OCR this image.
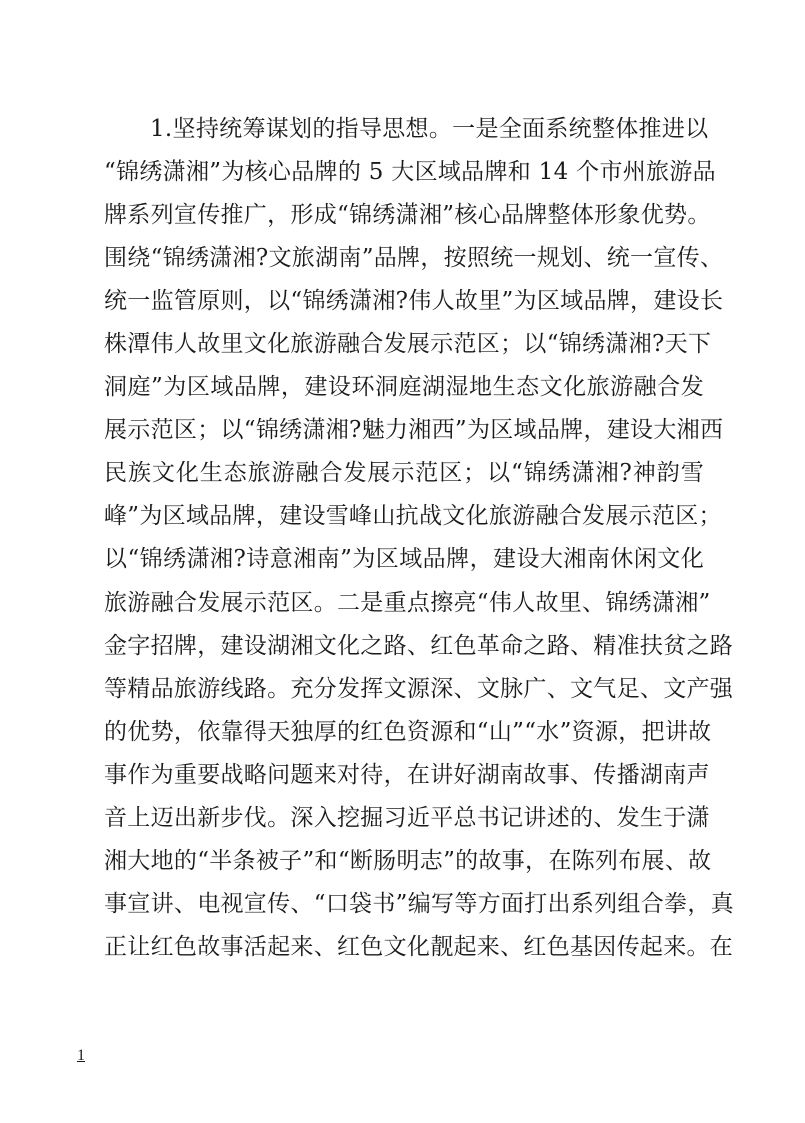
1.坚持统筹谋划的指导思想。一是全面系统整体推进以
“锦绣潇湘”为核心品牌的 5 大区域品牌和 14 个市州旅游品
牌系列宣传推广，形成“锦绣潇湘”核心品牌整体形象优势。
围绕“锦绣潇湘?文旅湖南”品牌，按照统一规划、统一宣传、
统一监管原则，以“锦绣潇湘?伟人故里”为区域品牌，建设长
株潭伟人故里文化旅游融合发展示范区；以“锦绣潇湘?天下
洞庭”为区域品牌，建设环洞庭湖湿地生态文化旅游融合发
展示范区；以“锦绣潇湘?魅力湘西”为区域品牌，建设大湘西
民族文化生态旅游融合发展示范区；以“锦绣潇湘?神韵雪
峰”为区域品牌，建设雪峰山抗战文化旅游融合发展示范区；
以“锦绣潇湘?诗意湘南”为区域品牌，建设大湘南休闲文化
旅游融合发展示范区。二是重点擦亮“伟人故里、锦绣潇湘”
金字招牌，建设湖湘文化之路、红色革命之路、精准扶贫之路
等精品旅游线路。充分发挥文源深、文脉广、文气足、文产强
的优势，依靠得天独厚的红色资源和“山”“水”资源，把讲故
事作为重要战略问题来对待，在讲好湖南故事、传播湖南声
音上迈出新步伐。深入挖掘习近平总书记讲述的、发生于潇
湘大地的“半条被子”和“断肠明志”的故事，在陈列布展、故
事宣讲、电视宣传、“口袋书”编写等方面打出系列组合拳，真
正让红色故事活起来、红色文化靓起来、红色基因传起来。在
1
